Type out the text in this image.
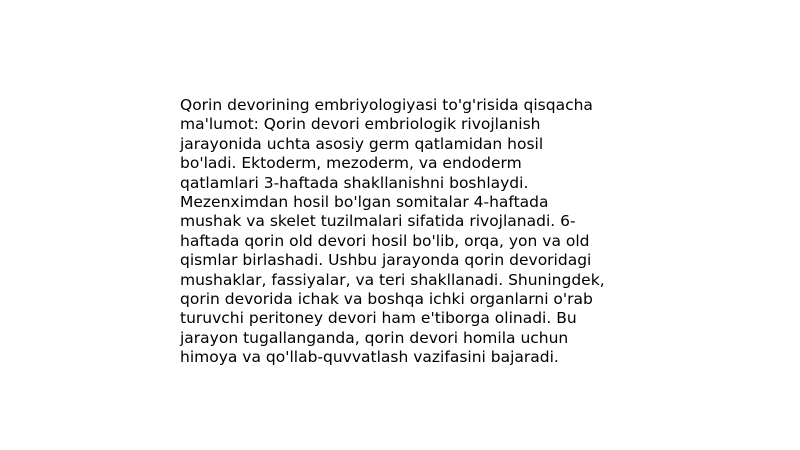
Qorin devorining embriyologiyasi to'g'risida qisqacha
ma'lumot: Qorin devori embriologik rivojlanish
jarayonida uchta asosiy germ qatlamidan hosil
bo'ladi. Ektoderm, mezoderm, va endoderm
qatlamlari 3-haftada shakllanishni boshlaydi.
Mezenximdan hosil bo'lgan somitalar 4-haftada
mushak va skelet tuzilmalari sifatida rivojlanadi. 6-
haftada qorin old devori hosil bo'lib, orqa, yon va old
qismlar birlashadi. Ushbu jarayonda qorin devoridagi
mushaklar, fassiyalar, va teri shakllanadi. Shuningdek,
qorin devorida ichak va boshqa ichki organlarni o'rab
turuvchi peritoney devori ham e'tiborga olinadi. Bu
jarayon tugallanganda, qorin devori homila uchun
himoya va qo'llab-quvvatlash vazifasini bajaradi.
